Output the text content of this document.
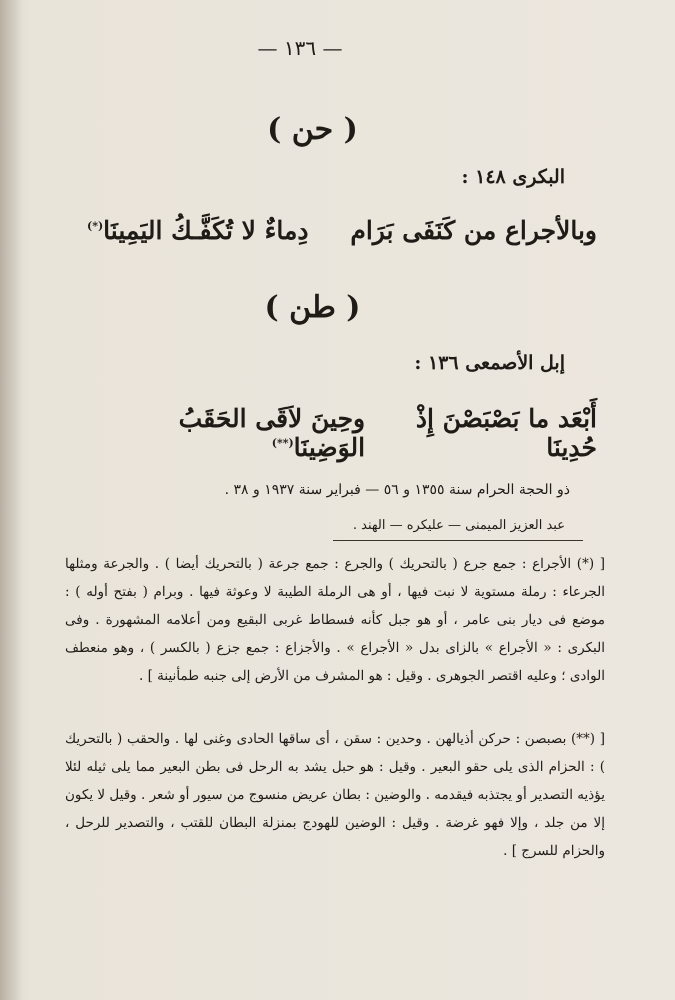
— ١٣٦ —
( حن )
البكرى ١٤٨ :
وبالأجراع من كَنَفَى بَرَام
دِماءٌ لا تُكَفَّـكُ اليَمِينَا(*)
( طن )
إبل الأصمعى ١٣٦ :
أَبْعَد ما بَصْبَصْنَ إِذْ حُدِينَا
وحِينَ لاَقَى الحَقَبُ الوَضِينَا(**)
ذو الحجة الحرام سنة ١٣٥٥ و ٥٦ — فبراير سنة ١٩٣٧ و ٣٨ .
عبد العزيز الميمنى — عليكره — الهند .
[ (*) الأجراع : جمع جرع ( بالتحريك ) والجرع : جمع جرعة ( بالتحريك أيضا ) . والجرعة ومثلها الجرعاء : رملة مستوية لا نبت فيها ، أو هى الرملة الطيبة لا وعوثة فيها . وبرام ( بفتح أوله ) : موضع فى ديار بنى عامر ، أو هو جبل كأنه فسطاط غربى البقيع ومن أعلامه المشهورة . وفى البكرى : « الأجراع » بالزاى بدل « الأجراع » . والأجزاع : جمع جزع ( بالكسر ) ، وهو منعطف الوادى ؛ وعليه اقتصر الجوهرى . وقيل : هو المشرف من الأرض إلى جنبه طمأنينة ] .
[ (**) بصبصن : حركن أذيالهن . وحدين : سقن ، أى ساقها الحادى وغنى لها . والحقب ( بالتحريك ) : الحزام الذى يلى حقو البعير . وقيل : هو حبل يشد به الرحل فى بطن البعير مما يلى ثيله لئلا يؤذيه التصدير أو يجتذبه فيقدمه . والوضين : بطان عريض منسوج من سيور أو شعر . وقيل لا يكون إلا من جلد ، وإلا فهو غرضة . وقيل : الوضين للهودج بمنزلة البطان للقتب ، والتصدير للرحل ، والحزام للسرج ] .
